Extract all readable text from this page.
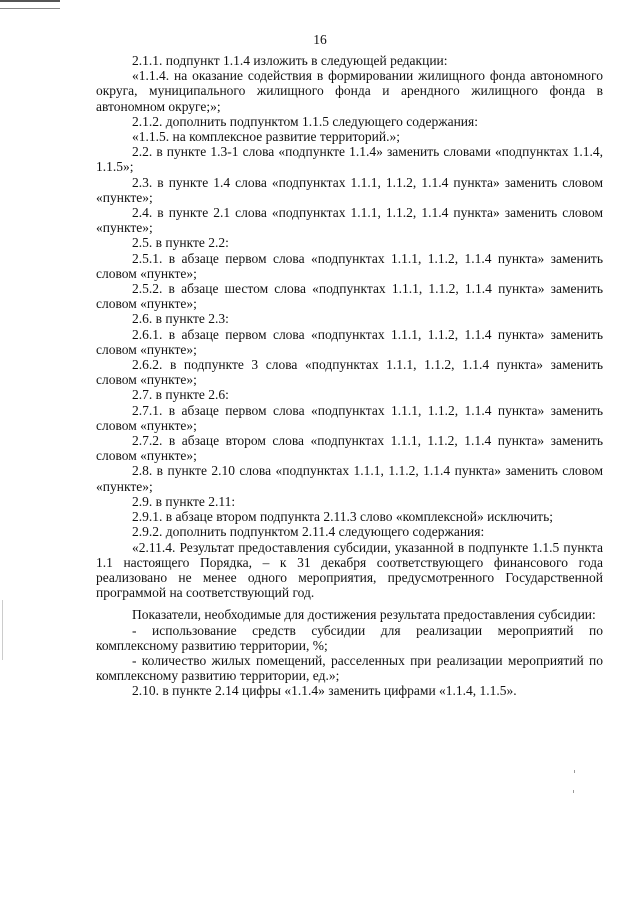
16

2.1.1. подпункт 1.1.4 изложить в следующей редакции:

«1.1.4. на оказание содействия в формировании жилищного фонда автономного округа, муниципального жилищного фонда и арендного жилищного фонда в автономном округе;»;

2.1.2. дополнить подпунктом 1.1.5 следующего содержания:

«1.1.5. на комплексное развитие территорий.»;

2.2. в пункте 1.3-1 слова «подпункте 1.1.4» заменить словами «подпунктах 1.1.4, 1.1.5»;

2.3. в пункте 1.4 слова «подпунктах 1.1.1, 1.1.2, 1.1.4 пункта» заменить словом «пункте»;

2.4. в пункте 2.1 слова «подпунктах 1.1.1, 1.1.2, 1.1.4 пункта» заменить словом «пункте»;

2.5. в пункте 2.2:

2.5.1. в абзаце первом слова «подпунктах 1.1.1, 1.1.2, 1.1.4 пункта» заменить словом «пункте»;

2.5.2. в абзаце шестом слова «подпунктах 1.1.1, 1.1.2, 1.1.4 пункта» заменить словом «пункте»;

2.6. в пункте 2.3:

2.6.1. в абзаце первом слова «подпунктах 1.1.1, 1.1.2, 1.1.4 пункта» заменить словом «пункте»;

2.6.2. в подпункте 3 слова «подпунктах 1.1.1, 1.1.2, 1.1.4 пункта» заменить словом «пункте»;

2.7. в пункте 2.6:

2.7.1. в абзаце первом слова «подпунктах 1.1.1, 1.1.2, 1.1.4 пункта» заменить словом «пункте»;

2.7.2. в абзаце втором слова «подпунктах 1.1.1, 1.1.2, 1.1.4 пункта» заменить словом «пункте»;

2.8. в пункте 2.10 слова «подпунктах 1.1.1, 1.1.2, 1.1.4 пункта» заменить словом «пункте»;

2.9. в пункте 2.11:

2.9.1. в абзаце втором подпункта 2.11.3 слово «комплексной» исключить;

2.9.2. дополнить подпунктом 2.11.4 следующего содержания:

«2.11.4. Результат предоставления субсидии, указанной в подпункте 1.1.5 пункта 1.1 настоящего Порядка, – к 31 декабря соответствующего финансового года реализовано не менее одного мероприятия, предусмотренного Государственной программой на соответствующий год.

Показатели, необходимые для достижения результата предоставления субсидии:

- использование средств субсидии для реализации мероприятий по комплексному развитию территории, %;

- количество жилых помещений, расселенных при реализации мероприятий по комплексному развитию территории, ед.»;

2.10. в пункте 2.14 цифры «1.1.4» заменить цифрами «1.1.4, 1.1.5».
